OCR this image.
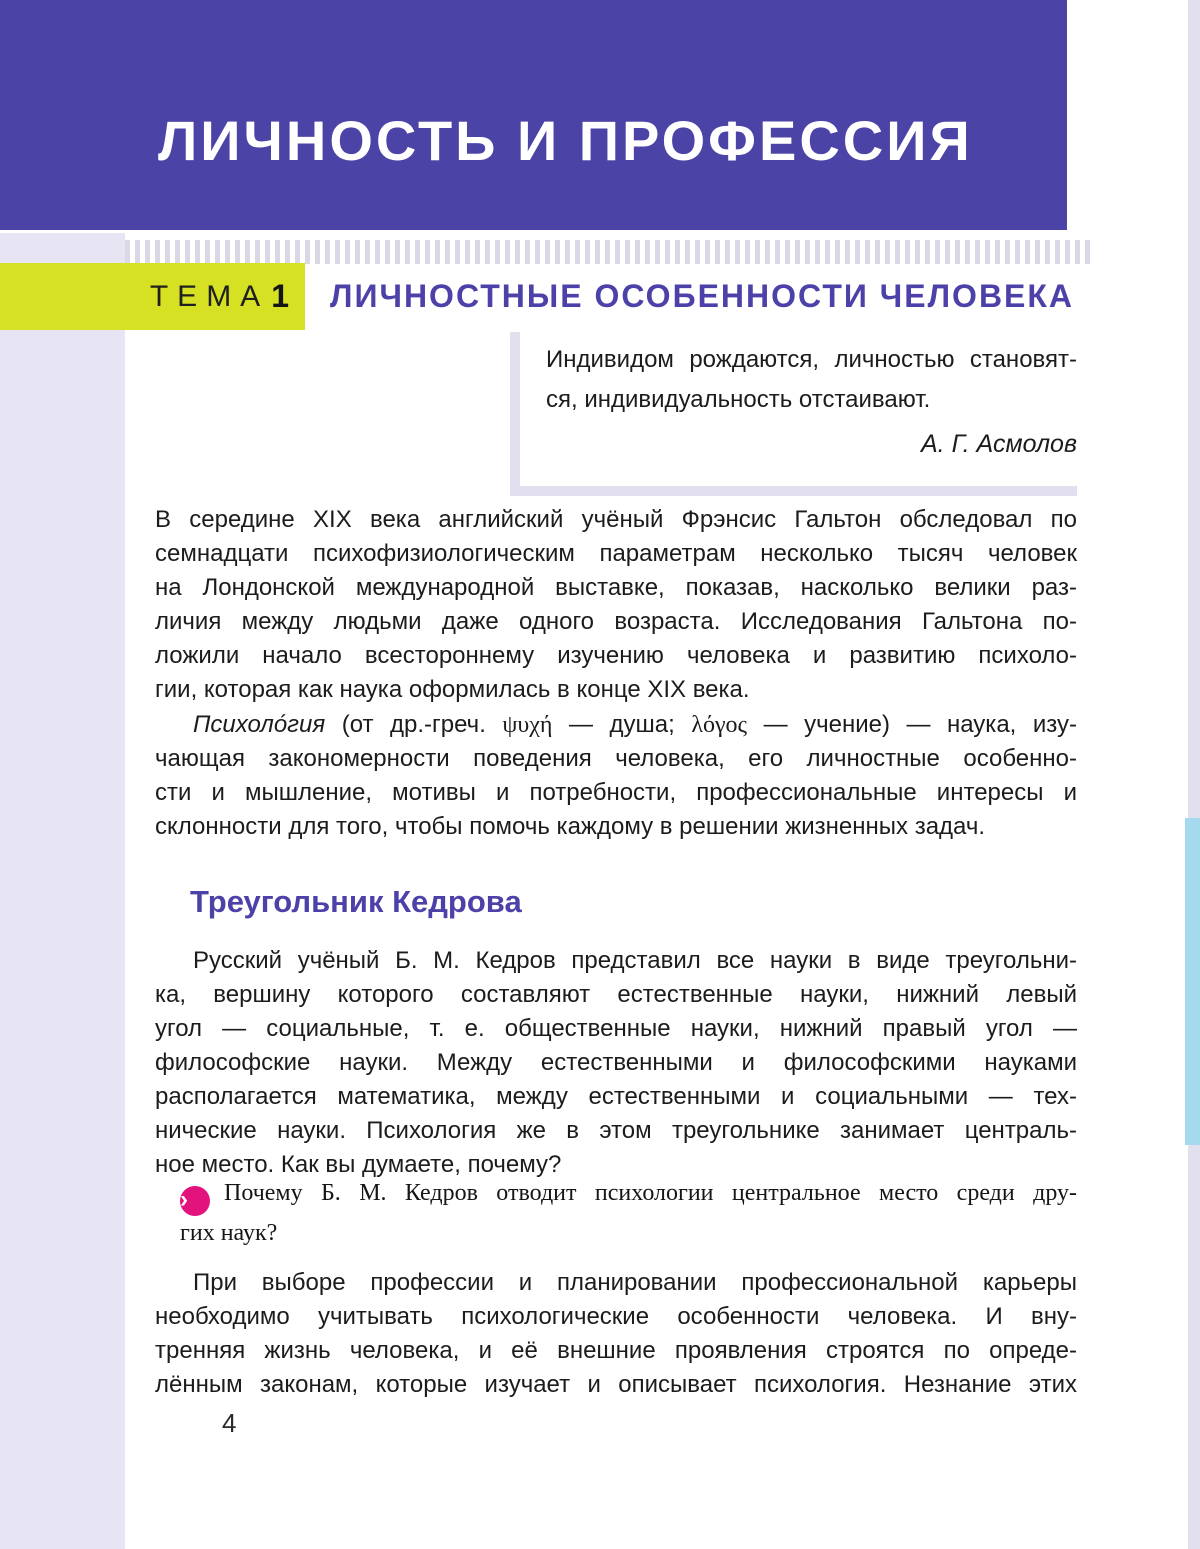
ЛИЧНОСТЬ И ПРОФЕССИЯ
ТЕМА 1 ЛИЧНОСТНЫЕ ОСОБЕННОСТИ ЧЕЛОВЕКА
Индивидом рождаются, личностью становят-
ся, индивидуальность отстаивают.
А. Г. Асмолов
В середине XIX века английский учёный Фрэнсис Гальтон обследовал по
семнадцати психофизиологическим параметрам несколько тысяч человек
на Лондонской международной выставке, показав, насколько велики раз-
личия между людьми даже одного возраста. Исследования Гальтона по-
ложили начало всестороннему изучению человека и развитию психоло-
гии, которая как наука оформилась в конце XIX века.
Психоло́гия (от др.-греч. ψυχή — душа; λόγος — учение) — наука, изу-
чающая закономерности поведения человека, его личностные особенно-
сти и мышление, мотивы и потребности, профессиональные интересы и
склонности для того, чтобы помочь каждому в решении жизненных задач.
Треугольник Кедрова
Русский учёный Б. М. Кедров представил все науки в виде треугольни-
ка, вершину которого составляют естественные науки, нижний левый
угол — социальные, т. е. общественные науки, нижний правый угол —
философские науки. Между естественными и философскими науками
располагается математика, между естественными и социальными — тех-
нические науки. Психология же в этом треугольнике занимает централь-
ное место. Как вы думаете, почему?
› Почему Б. М. Кедров отводит психологии центральное место среди дру-
гих наук?
При выборе профессии и планировании профессиональной карьеры
необходимо учитывать психологические особенности человека. И вну-
тренняя жизнь человека, и её внешние проявления строятся по опреде-
лённым законам, которые изучает и описывает психология. Незнание этих
4
